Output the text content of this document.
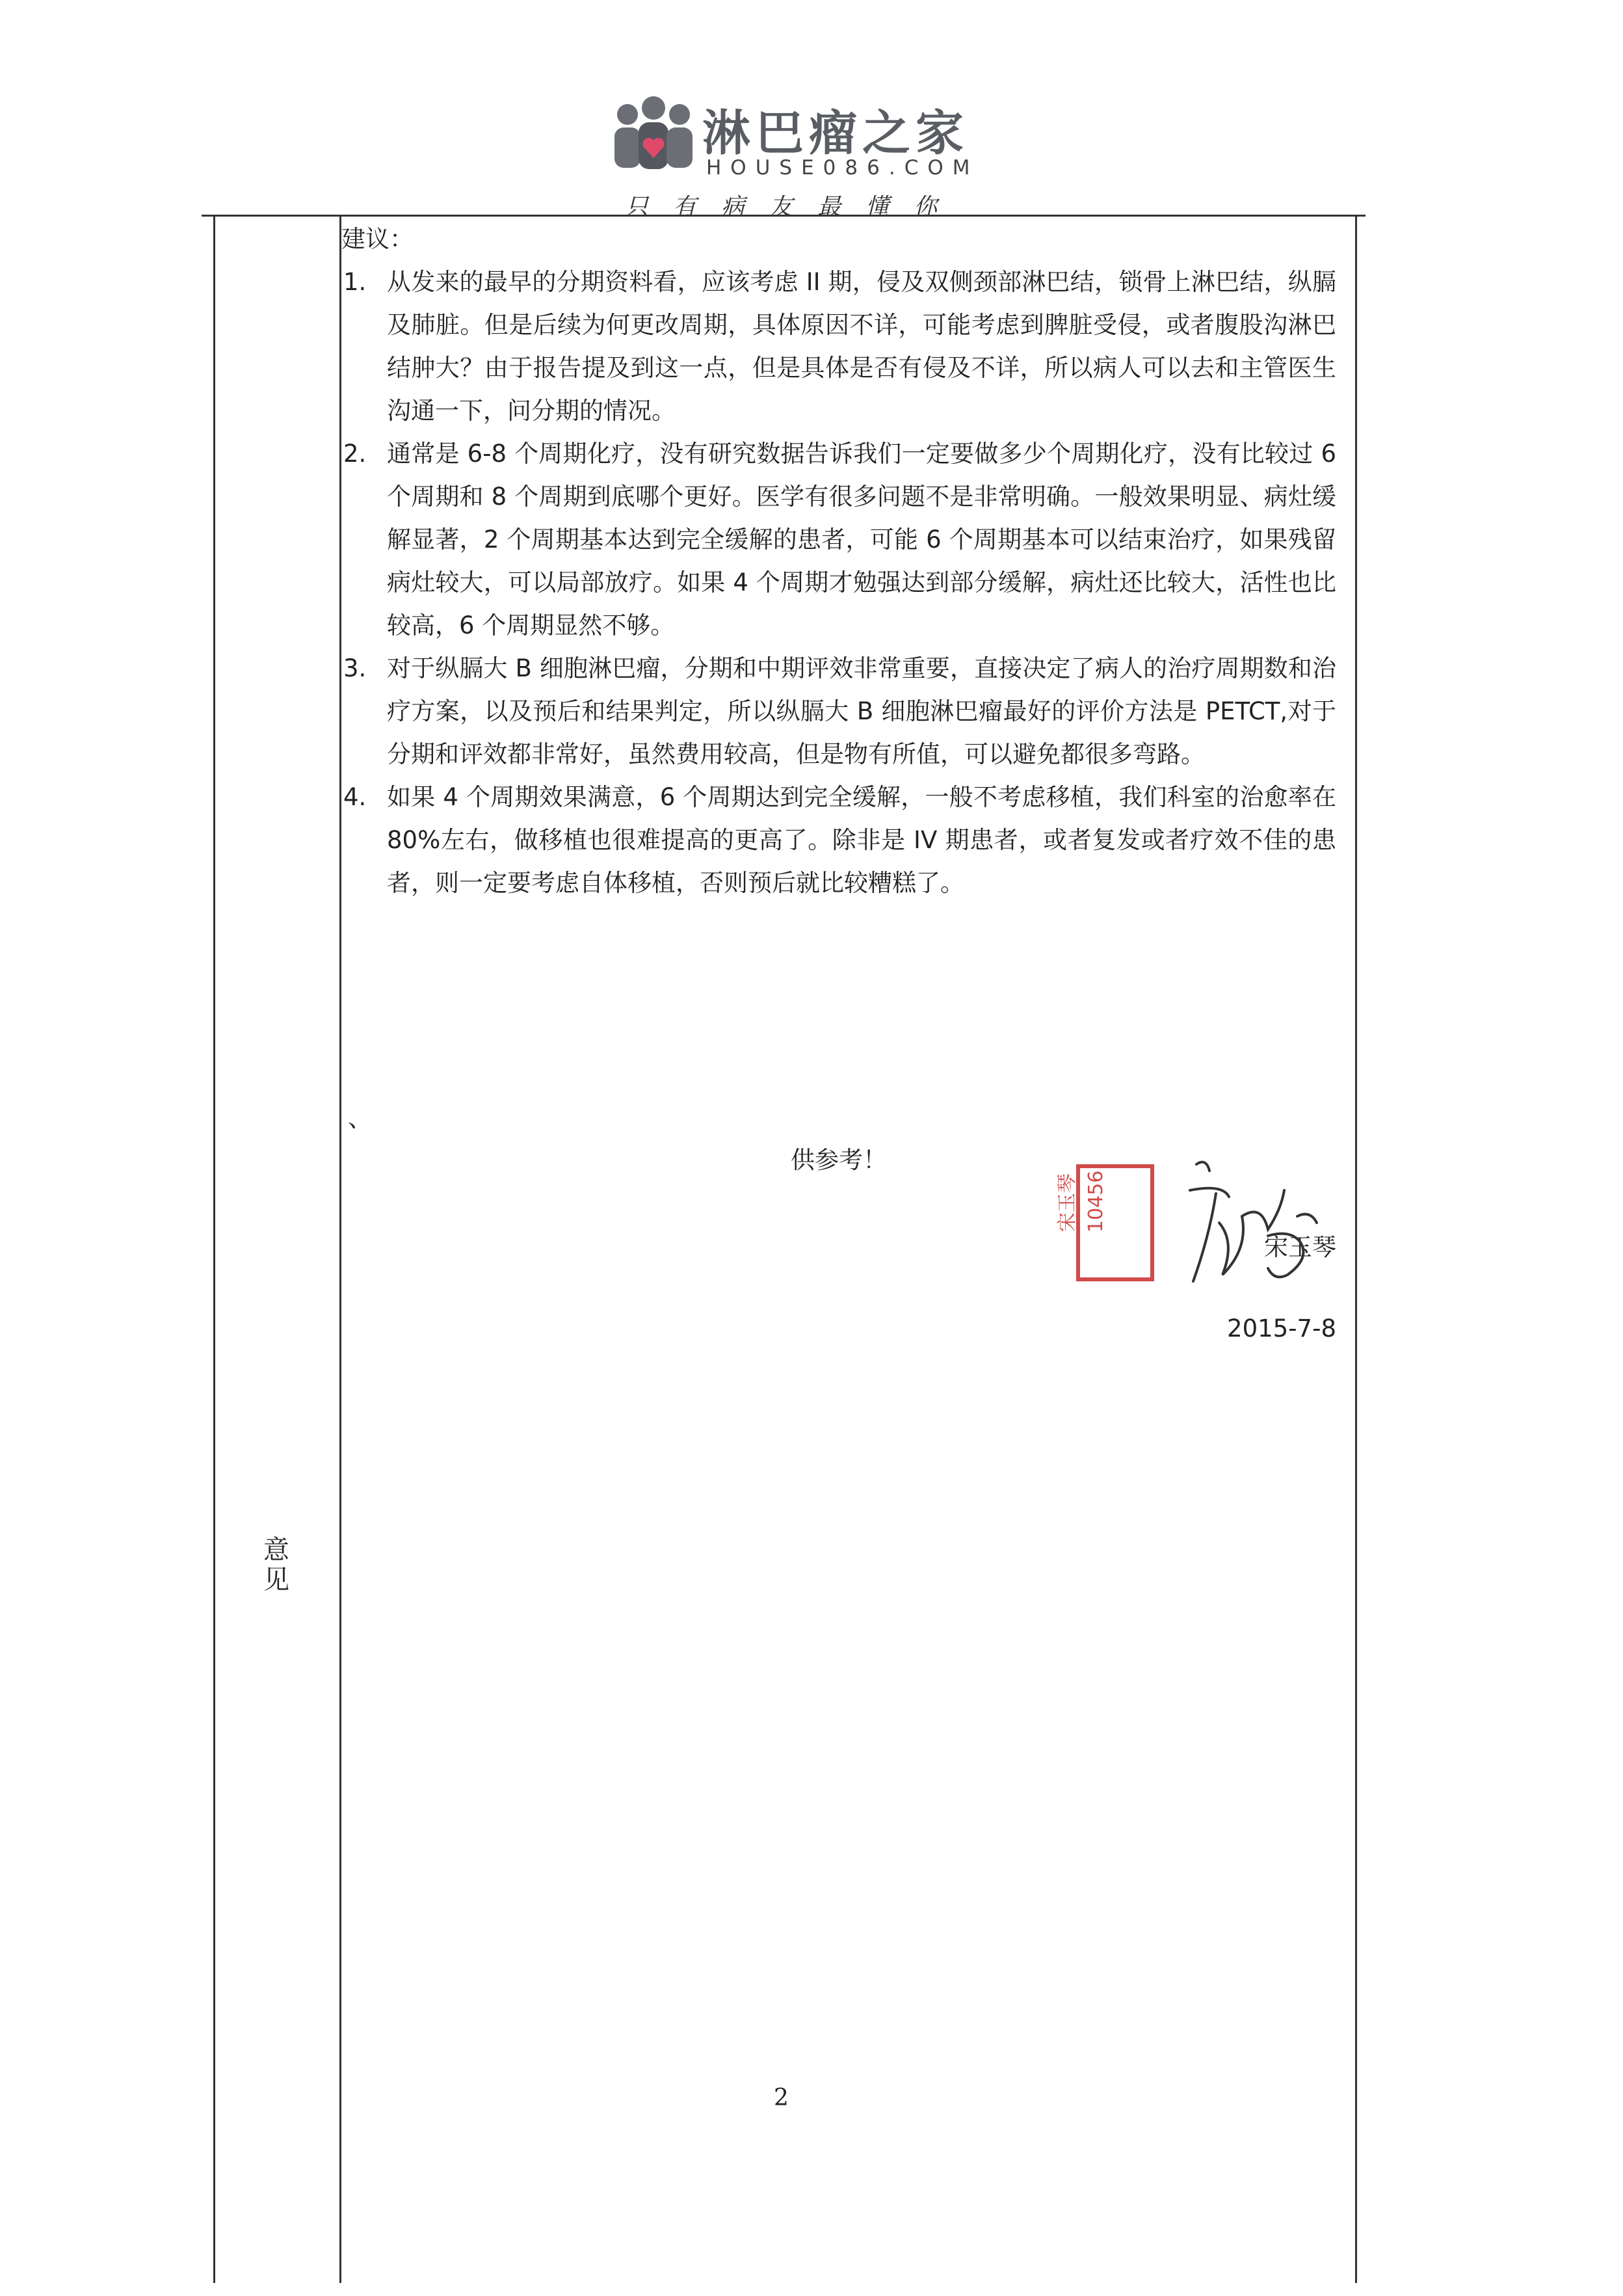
淋巴瘤之家
HOUSE086.COM
只有病友最懂你
意见
建议：
1. 从发来的最早的分期资料看，应该考虑 II 期，侵及双侧颈部淋巴结，锁骨上淋巴结，纵膈及肺脏。但是后续为何更改周期，具体原因不详，可能考虑到脾脏受侵，或者腹股沟淋巴结肿大？由于报告提及到这一点，但是具体是否有侵及不详，所以病人可以去和主管医生沟通一下，问分期的情况。
2. 通常是 6-8 个周期化疗，没有研究数据告诉我们一定要做多少个周期化疗，没有比较过 6 个周期和 8 个周期到底哪个更好。医学有很多问题不是非常明确。一般效果明显、病灶缓解显著，2 个周期基本达到完全缓解的患者，可能 6 个周期基本可以结束治疗，如果残留病灶较大，可以局部放疗。如果 4 个周期才勉强达到部分缓解，病灶还比较大，活性也比较高，6 个周期显然不够。
3. 对于纵膈大 B 细胞淋巴瘤，分期和中期评效非常重要，直接决定了病人的治疗周期数和治疗方案，以及预后和结果判定，所以纵膈大 B 细胞淋巴瘤最好的评价方法是 PETCT,对于分期和评效都非常好，虽然费用较高，但是物有所值，可以避免都很多弯路。
4. 如果 4 个周期效果满意，6 个周期达到完全缓解，一般不考虑移植，我们科室的治愈率在 80%左右，做移植也很难提高的更高了。除非是 IV 期患者，或者复发或者疗效不佳的患者，则一定要考虑自体移植，否则预后就比较糟糕了。
、
供参考！
宋玉琴
2015-7-8
宋玉琴 10456
2
